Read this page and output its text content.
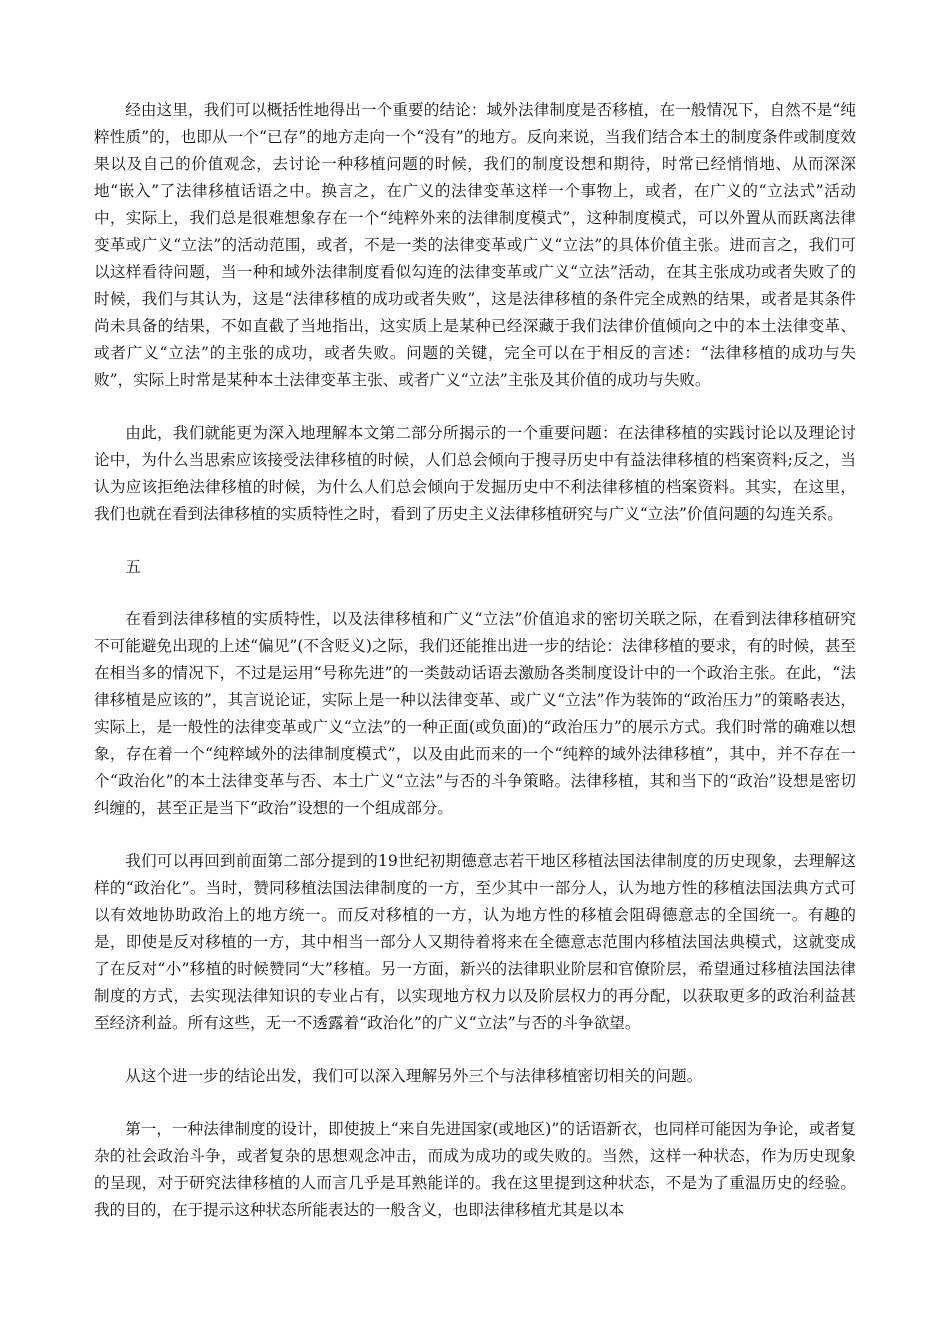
经由这里，我们可以概括性地得出一个重要的结论：域外法律制度是否移植，在一般情况下，自然不是“纯粹性质”的，也即从一个“已存”的地方走向一个“没有”的地方。反向来说，当我们结合本土的制度条件或制度效果以及自己的价值观念，去讨论一种移植问题的时候，我们的制度设想和期待，时常已经悄悄地、从而深深地“嵌入”了法律移植话语之中。换言之，在广义的法律变革这样一个事物上，或者，在广义的“立法式”活动中，实际上，我们总是很难想象存在一个“纯粹外来的法律制度模式”，这种制度模式，可以外置从而跃离法律变革或广义“立法”的活动范围，或者，不是一类的法律变革或广义“立法”的具体价值主张。进而言之，我们可以这样看待问题，当一种和域外法律制度看似勾连的法律变革或广义“立法”活动，在其主张成功或者失败了的时候，我们与其认为，这是“法律移植的成功或者失败”，这是法律移植的条件完全成熟的结果，或者是其条件尚未具备的结果，不如直截了当地指出，这实质上是某种已经深藏于我们法律价值倾向之中的本土法律变革、或者广义“立法”的主张的成功，或者失败。问题的关键，完全可以在于相反的言述：“法律移植的成功与失败”，实际上时常是某种本土法律变革主张、或者广义“立法”主张及其价值的成功与失败。

由此，我们就能更为深入地理解本文第二部分所揭示的一个重要问题：在法律移植的实践讨论以及理论讨论中，为什么当思索应该接受法律移植的时候，人们总会倾向于搜寻历史中有益法律移植的档案资料;反之，当认为应该拒绝法律移植的时候，为什么人们总会倾向于发掘历史中不利法律移植的档案资料。其实，在这里，我们也就在看到法律移植的实质特性之时，看到了历史主义法律移植研究与广义“立法”价值问题的勾连关系。

五

在看到法律移植的实质特性，以及法律移植和广义“立法”价值追求的密切关联之际，在看到法律移植研究不可能避免出现的上述“偏见”(不含贬义)之际，我们还能推出进一步的结论：法律移植的要求，有的时候，甚至在相当多的情况下，不过是运用“号称先进”的一类鼓动话语去激励各类制度设计中的一个政治主张。在此，“法律移植是应该的”，其言说论证，实际上是一种以法律变革、或广义“立法”作为装饰的“政治压力”的策略表达，实际上，是一般性的法律变革或广义“立法”的一种正面(或负面)的“政治压力”的展示方式。我们时常的确难以想象，存在着一个“纯粹域外的法律制度模式”，以及由此而来的一个“纯粹的域外法律移植”，其中，并不存在一个“政治化”的本土法律变革与否、本土广义“立法”与否的斗争策略。法律移植，其和当下的“政治”设想是密切纠缠的，甚至正是当下“政治”设想的一个组成部分。

我们可以再回到前面第二部分提到的19世纪初期德意志若干地区移植法国法律制度的历史现象，去理解这样的“政治化”。当时，赞同移植法国法律制度的一方，至少其中一部分人，认为地方性的移植法国法典方式可以有效地协助政治上的地方统一。而反对移植的一方，认为地方性的移植会阻碍德意志的全国统一。有趣的是，即使是反对移植的一方，其中相当一部分人又期待着将来在全德意志范围内移植法国法典模式，这就变成了在反对“小”移植的时候赞同“大”移植。另一方面，新兴的法律职业阶层和官僚阶层，希望通过移植法国法律制度的方式，去实现法律知识的专业占有，以实现地方权力以及阶层权力的再分配，以获取更多的政治利益甚至经济利益。所有这些，无一不透露着“政治化”的广义“立法”与否的斗争欲望。

从这个进一步的结论出发，我们可以深入理解另外三个与法律移植密切相关的问题。

第一，一种法律制度的设计，即使披上“来自先进国家(或地区)”的话语新衣，也同样可能因为争论，或者复杂的社会政治斗争，或者复杂的思想观念冲击，而成为成功的或失败的。当然，这样一种状态，作为历史现象的呈现，对于研究法律移植的人而言几乎是耳熟能详的。我在这里提到这种状态，不是为了重温历史的经验。我的目的，在于提示这种状态所能表达的一般含义，也即法律移植尤其是以本
